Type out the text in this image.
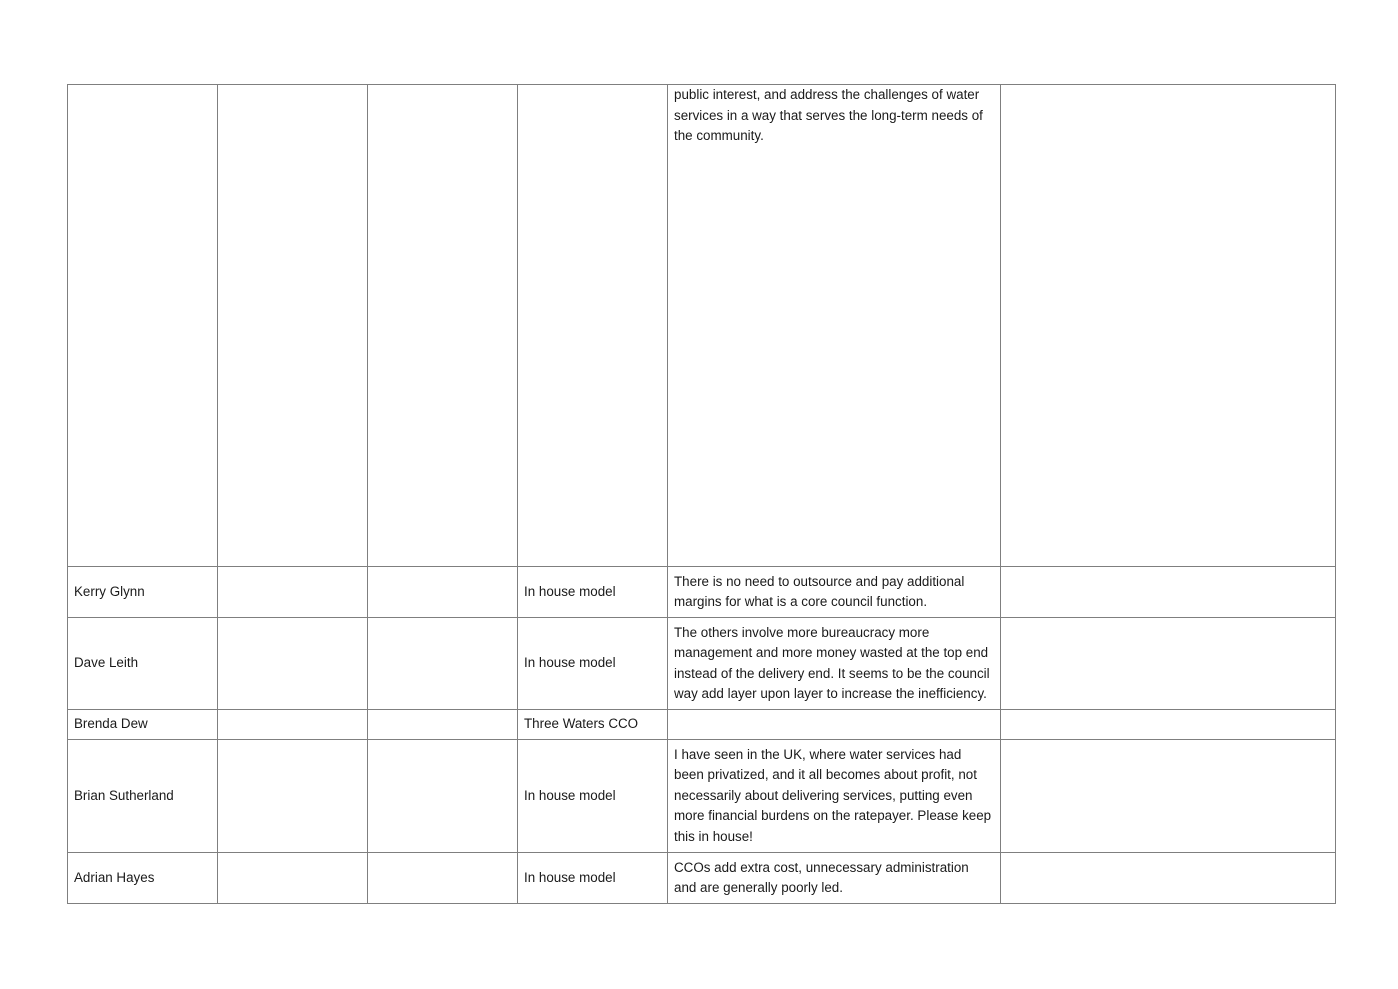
				public interest, and address the challenges of water services in a way that serves the long-term needs of the community.	
Kerry Glynn			In house model	There is no need to outsource and pay additional margins for what is a core council function.	
Dave Leith			In house model	The others involve more bureaucracy more management and more money wasted at the top end instead of the delivery end. It seems to be the council way add layer upon layer to increase the inefficiency.	
Brenda Dew			Three Waters CCO		
Brian Sutherland			In house model	I have seen in the UK, where water services had been privatized, and it all becomes about profit, not necessarily about delivering services, putting even more financial burdens on the ratepayer. Please keep this in house!	
Adrian Hayes			In house model	CCOs add extra cost, unnecessary administration and are generally poorly led.	
